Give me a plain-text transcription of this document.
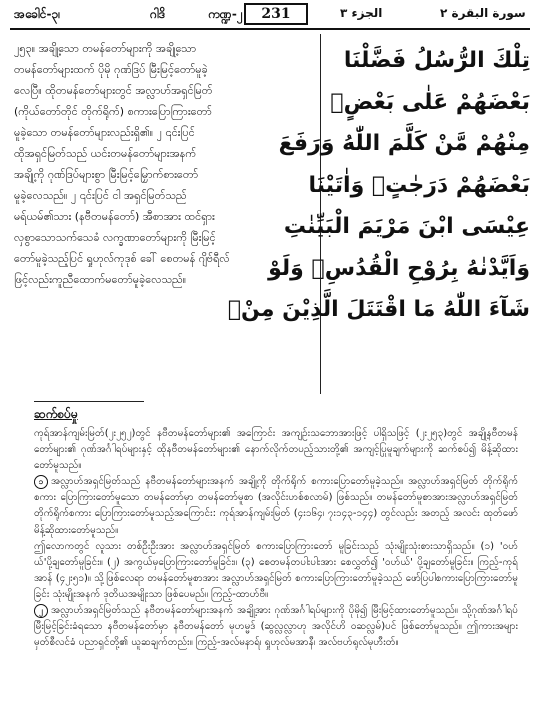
အခေါင်-၃၊	ဂါဒိ	ကဏ္ဍ-၂	231	الجزء ٣	سورة البقرة ٢

၂၅၃။ အချို့သော တမန်တော်များကို အချို့သော

တမန်တော်များထက် ပိုမို ဂုဏ်ဒြပ် မြီးမြင့်တော်မူခဲ့

လေပြီ။ ထိုတမန်တော်များတွင် အလ္လာဟ်အရှင်မြတ်

(ကိုယ်တော်တိုင် တိုက်ရိုက်) စကားပြောကြားတော်

မူခဲ့သော တမန်တော်များလည်းရှိ၏။ ၂ ၎င်းပြင်

ထိုအရှင်မြတ်သည် ယင်းတမန်တော်များအနက်

အချို့ကို ဂုဏ်ဒြပ်များစွာ မြီးမြင့်မြှောက်စားတော်

မူခဲ့လေသည်။ ၂ ၎င်းပြင် ငါ အရှင်မြတ်သည်

မရ်ယမ်၏သား (နဗီတမန်တော်) အီစာအား ထင်ရှား

လှစွာသောသက်သေခံ လက္ခဏာတော်များကို မြီးမြင့်

တော်မူခဲ့သည့်ပြင် ရှုဟုလ်ကုဒုစ် ခေါ် စေတမန် ဂျိဗ်ရီလ်

ဖြင့်လည်းကူညီထောက်မတော်မူခဲ့လေသည်။

تِلْكَ الرُّسُلُ فَضَّلْنَا
بَعْضَهُمْ عَلٰى بَعْضٍۘ
مِنْهُمْ مَّنْ كَلَّمَ اللّٰهُ وَرَفَعَ
بَعْضَهُمْ دَرَجٰتٍۗ وَاٰتَيْنَا
عِيْسَى ابْنَ مَرْيَمَ الْبَيِّنٰتِ
وَاَيَّدْنٰهُ بِرُوْحِ الْقُدُسِۗ وَلَوْ
شَآءَ اللّٰهُ مَا اقْتَتَلَ الَّذِيْنَ مِنْۢ
ဆက်စပ်မှု

ကုရ်အာန်ကျမ်းမြတ်(၂း၂၅၂)တွင် နဗီတမန်တော်များ၏ အကြောင်း အကျဉ်းသဘောအားဖြင့် ပါရှိသဖြင့် (၂း၂၅၃)တွင် အချို့နဗီတမန်တော်များ၏ ဂုဏ်အင်္ဂါရပ်များနှင့် ထိုနဗီတမန်တော်များ၏ နောက်လိုက်တပည့်သားတို့၏ အကျင့်ပြုမူချက်များကို ဆက်စပ်၍ မိန့်ဆိုထားတော်မူသည်။

၁ အလ္လာဟ်အရှင်မြတ်သည် နဗီတမန်တော်များအနက် အချို့ကို တိုက်ရိုက် စကားပြောတော်မူခဲ့သည်။ အလ္လာဟ်အရှင်မြတ် တိုက်ရိုက်စကား ပြောကြားတော်မူသော တမန်တော်မှာ တမန်တော်မူစာ (အလိုင်းဟစ်စလာမ်) ဖြစ်သည်။ တမန်တော်မူစာအားအလ္လာဟ်အရှင်မြတ် တိုက်ရိုက်စကား ပြောကြားတော်မူသည့်အကြောင်း: ကုရ်အာန်ကျမ်းမြတ် (၄း၁၆၄၊ ၇း၁၄၃-၁၄၄) တွင်လည်း အတည့် အလင်း ထုတ်ဖော်မိန့်ဆိုထားတော်မူသည်။

ဤလောကတွင် လူသား တစ်ဦးဦးအား အလ္လာဟ်အရှင်မြတ် စကားပြောကြားတော် မူခြင်းသည် သုံးမျိုးသုံးစားသာရှိသည်။ (၁) 'ဝဟ်ယ်'ပို့ချတော်မူခြင်း။ (၂) အကွယ်မှပြောကြားတော်မူခြင်း။ (၃) စေတမန်တပါးပါးအား စေလွှတ်၍ 'ဝဟ်ယ်' ပို့ချတော်မူခြင်း။ ကြည့်-ကုရ်အာန် (၄၂း၅၁)။ သို့ဖြစ်လေရာ တမန်တော်မူစာအား အလ္လာဟ်အရှင်မြတ် စကားပြောကြားတော်မူခဲ့သည် ဖော်ပြပါစကားပြောကြားတော်မူခြင်း သုံးမျိုးအနက် ဒုတိယအမျိုးသာ ဖြစ်ပေမည်။ ကြည့်-ထာဟ်ဗီ။

၂ အလ္လာဟ်အရှင်မြတ်သည် နဗီတမန်တော်များအနက် အချို့အား ဂုဏ်အင်္ဂါရပ်များကို ပိုမို၍ မြီးမြင့်ထားတော်မူသည်။ သို့ဂုဏ်အင်္ဂါရပ်မြီးမြင့်ခြင်းခံရသော နဗီတမန်တော်မှာ နဗီတမန်တော် မုဟမ္မဒ် (ဆွလ္လလ္လာဟု အလိုင်ဟိ ဝဆလ္လမ်)ပင် ဖြစ်တော်မူသည်။ ဤကားအများမှတ်စီလင်ခံ ပညာရှင်တို့၏ ယူဆချက်တည်း။ ကြည့်-အလ်မနာရ်၊ ရှုဟုလ်မအာနီ၊ အလ်ဗဟ်ရုလ်မုဟီးတ်။
